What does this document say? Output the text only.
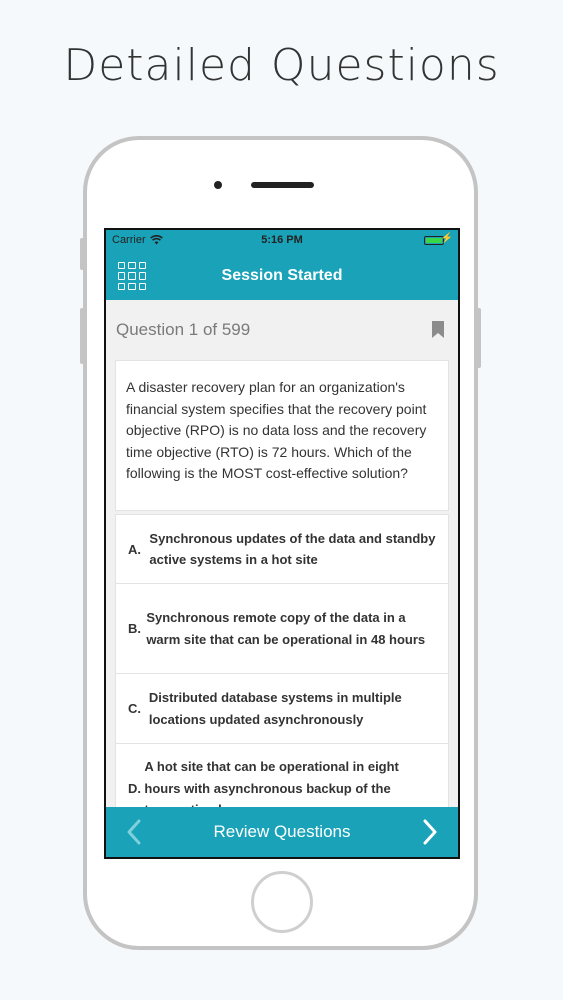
Detailed Questions
Carrier	5:16 PM	⚡
Session Started
Question 1 of 599
A disaster recovery plan for an organization's financial system specifies that the recovery point objective (RPO) is no data loss and the recovery time objective (RTO) is 72 hours. Which of the following is the MOST cost-effective solution?
A.
Synchronous updates of the data and standby active systems in a hot site
B.
Synchronous remote copy of the data in a warm site that can be operational in 48 hours
C.
Distributed database systems in multiple locations updated asynchronously
D.
A hot site that can be operational in eight hours with asynchronous backup of the
Review Questions
